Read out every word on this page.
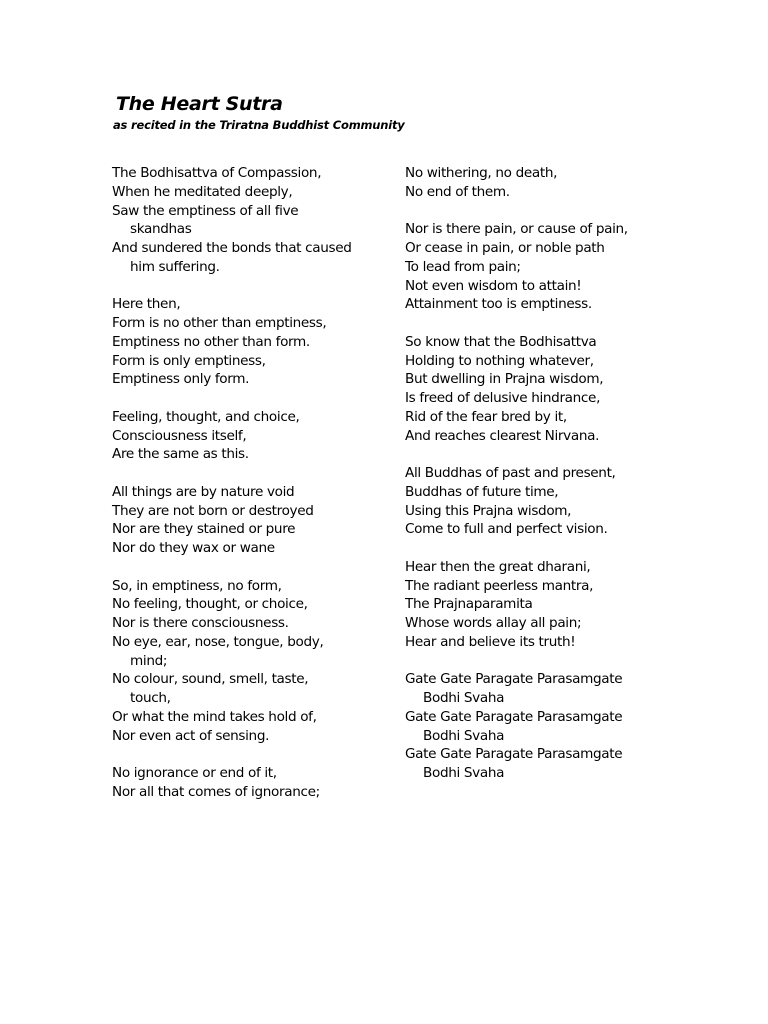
The Heart Sutra
as recited in the Triratna Buddhist Community
The Bodhisattva of Compassion,
When he meditated deeply,
Saw the emptiness of all five
skandhas
And sundered the bonds that caused
him suffering.
Here then,
Form is no other than emptiness,
Emptiness no other than form.
Form is only emptiness,
Emptiness only form.
Feeling, thought, and choice,
Consciousness itself,
Are the same as this.
All things are by nature void
They are not born or destroyed
Nor are they stained or pure
Nor do they wax or wane
So, in emptiness, no form,
No feeling, thought, or choice,
Nor is there consciousness.
No eye, ear, nose, tongue, body,
mind;
No colour, sound, smell, taste,
touch,
Or what the mind takes hold of,
Nor even act of sensing.
No ignorance or end of it,
Nor all that comes of ignorance;
No withering, no death,
No end of them.
Nor is there pain, or cause of pain,
Or cease in pain, or noble path
To lead from pain;
Not even wisdom to attain!
Attainment too is emptiness.
So know that the Bodhisattva
Holding to nothing whatever,
But dwelling in Prajna wisdom,
Is freed of delusive hindrance,
Rid of the fear bred by it,
And reaches clearest Nirvana.
All Buddhas of past and present,
Buddhas of future time,
Using this Prajna wisdom,
Come to full and perfect vision.
Hear then the great dharani,
The radiant peerless mantra,
The Prajnaparamita
Whose words allay all pain;
Hear and believe its truth!
Gate Gate Paragate Parasamgate
Bodhi Svaha
Gate Gate Paragate Parasamgate
Bodhi Svaha
Gate Gate Paragate Parasamgate
Bodhi Svaha
